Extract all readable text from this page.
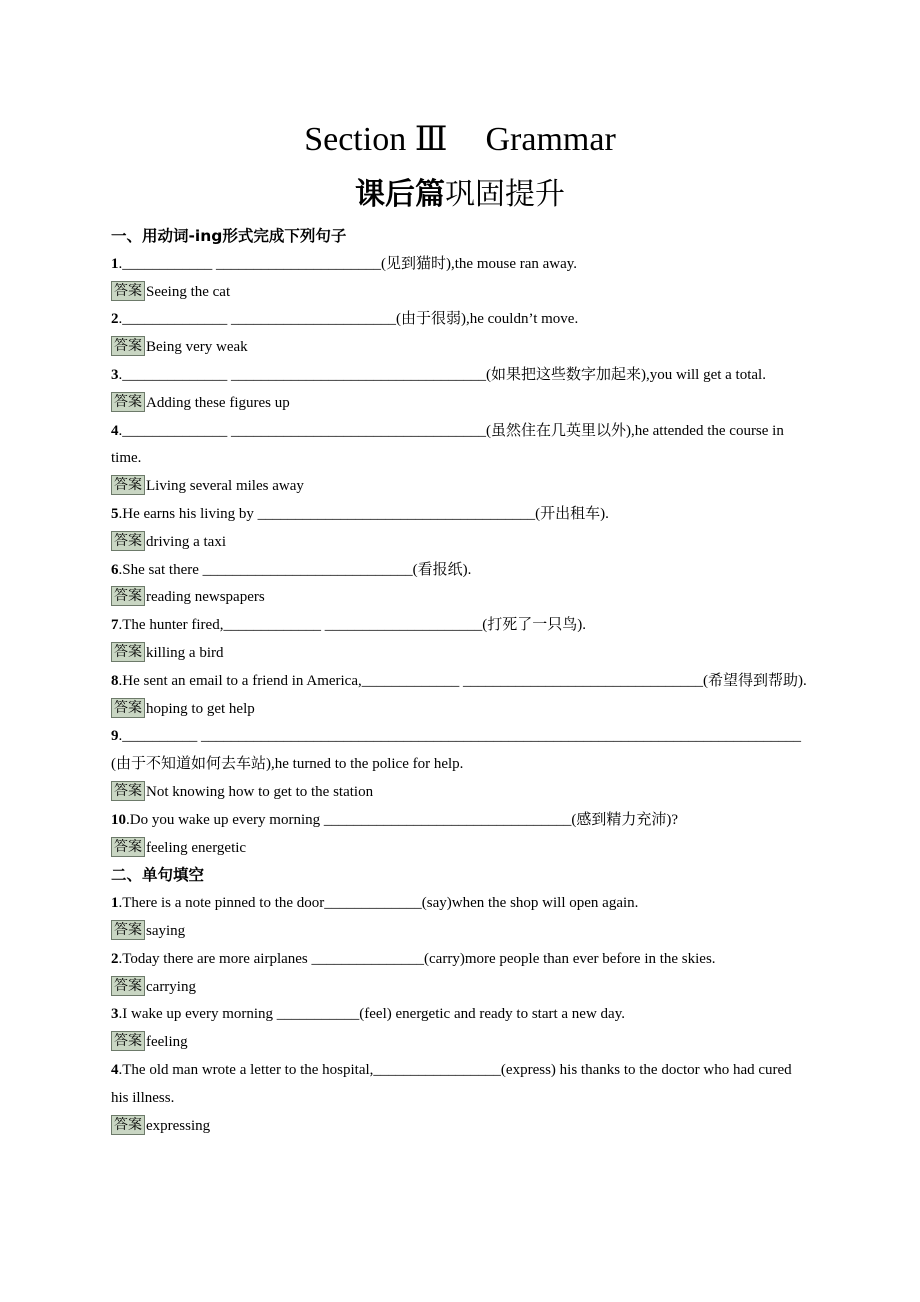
Section Ⅲ Grammar
课后篇巩固提升
一、用动词-ing形式完成下列句子

1.____________ ______________________(见到猫时),the mouse ran away.

答案 Seeing the cat

2.______________ ______________________(由于很弱),he couldn’t move.

答案 Being very weak

3.______________ __________________________________(如果把这些数字加起来),you will get a total.

答案 Adding these figures up

4.______________ __________________________________(虽然住在几英里以外),he attended the course in time.

答案 Living several miles away

5.He earns his living by _____________________________________(开出租车).

答案 driving a taxi

6.She sat there ____________________________(看报纸).

答案 reading newspapers

7.The hunter fired,_____________ _____________________(打死了一只鸟).

答案 killing a bird

8.He sent an email to a friend in America,_____________ ________________________________(希望得到帮助).

答案 hoping to get help

9.__________ ________________________________________________________________________________ (由于不知道如何去车站),he turned to the police for help.

答案 Not knowing how to get to the station

10.Do you wake up every morning _________________________________(感到精力充沛)?

答案 feeling energetic

二、单句填空

1.There is a note pinned to the door_____________(say)when the shop will open again.

答案 saying

2.Today there are more airplanes _______________(carry)more people than ever before in the skies.

答案 carrying

3.I wake up every morning ___________(feel) energetic and ready to start a new day.

答案 feeling

4.The old man wrote a letter to the hospital,_________________(express) his thanks to the doctor who had cured his illness.

答案 expressing
